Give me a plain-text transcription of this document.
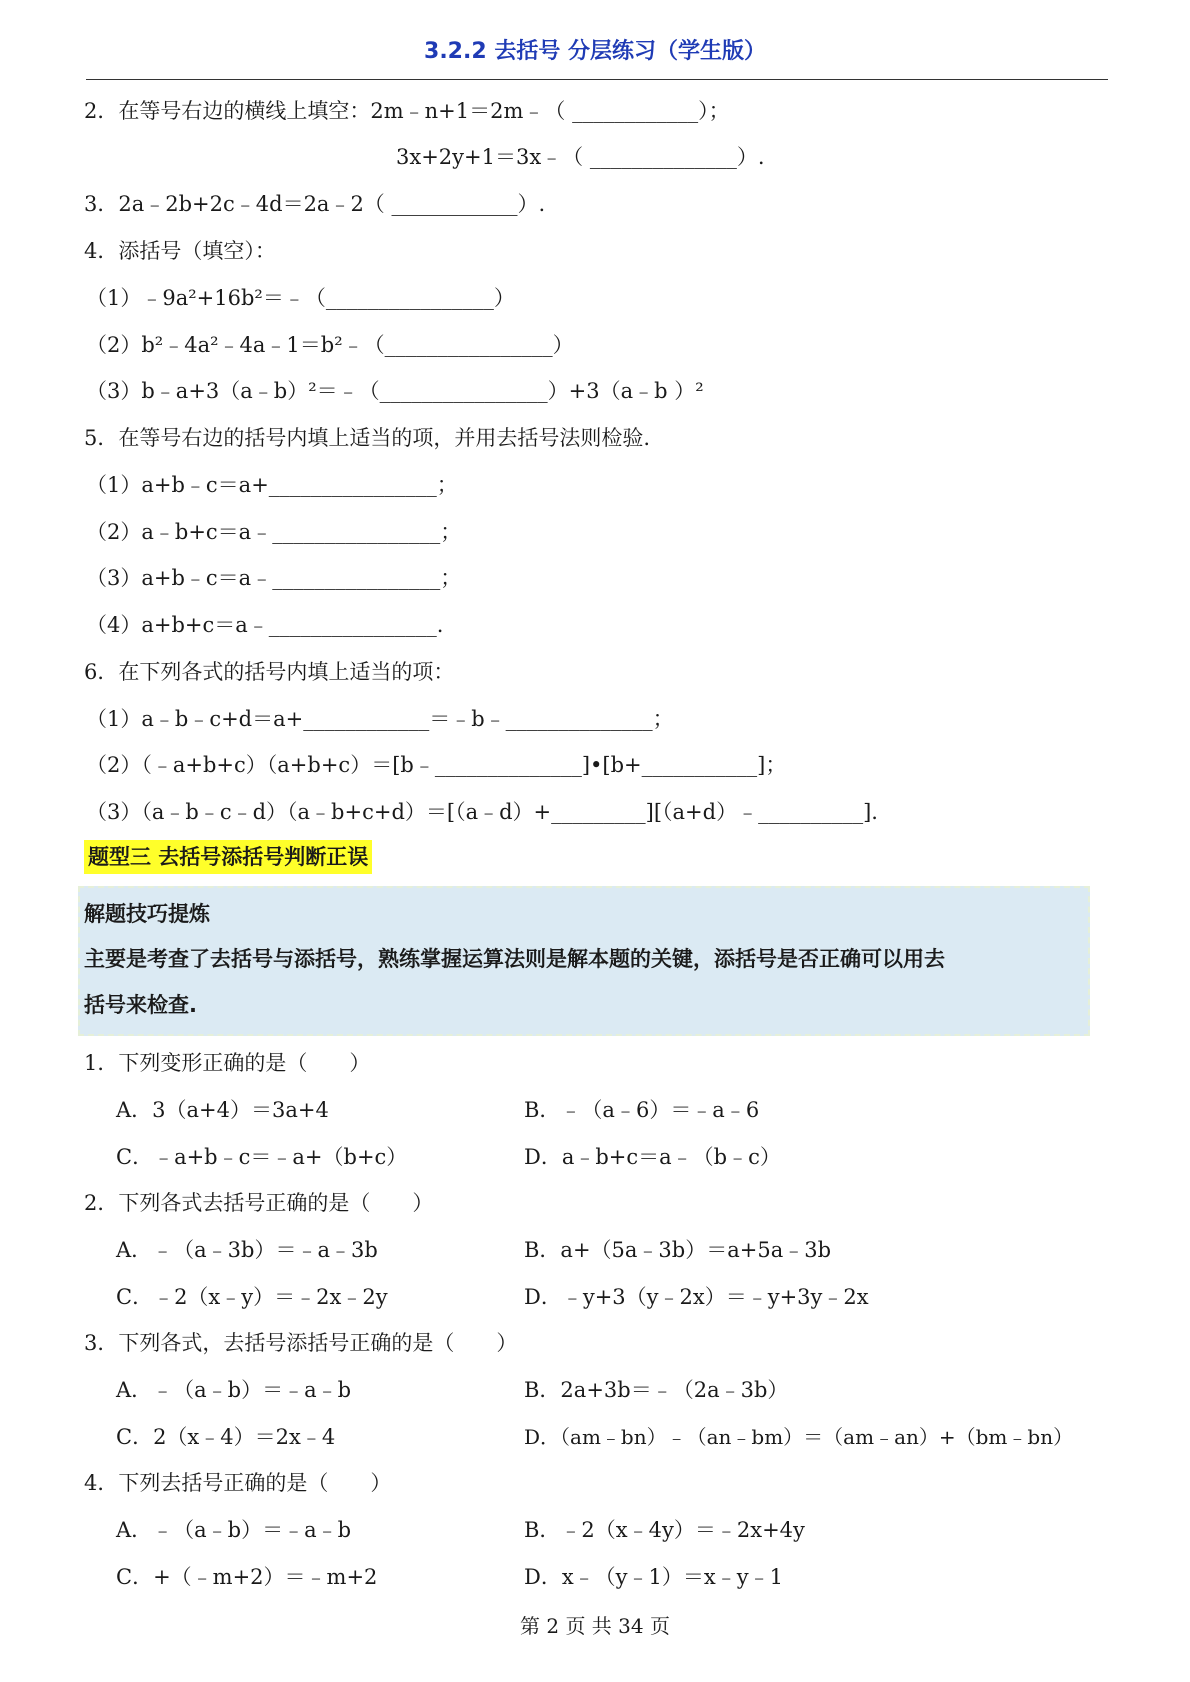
3.2.2 去括号 分层练习（学生版）
2．在等号右边的横线上填空：2m﹣n+1＝2m﹣（ ____________）；
3x+2y+1＝3x﹣（ ______________）.
3．2a﹣2b+2c﹣4d＝2a﹣2（ ____________）.
4．添括号（填空）：
（1）﹣9a²+16b²＝﹣（________________）
（2）b²﹣4a²﹣4a﹣1＝b²﹣（________________）
（3）b﹣a+3（a﹣b）²＝﹣（________________）+3（a﹣b ）²
5．在等号右边的括号内填上适当的项，并用去括号法则检验.
（1）a+b﹣c＝a+________________；
（2）a﹣b+c＝a﹣________________；
（3）a+b﹣c＝a﹣________________；
（4）a+b+c＝a﹣________________.
6．在下列各式的括号内填上适当的项：
（1）a﹣b﹣c+d＝a+____________＝﹣b﹣______________；
（2）（﹣a+b+c）（a+b+c）＝[b﹣______________]•[b+___________]；
（3）（a﹣b﹣c﹣d）（a﹣b+c+d）＝[（a﹣d）+_________][（a+d）﹣__________].
题型三 去括号添括号判断正误
解题技巧提炼
主要是考查了去括号与添括号，熟练掌握运算法则是解本题的关键，添括号是否正确可以用去
括号来检查.
1．下列变形正确的是（　　）
A．3（a+4）＝3a+4	B．﹣（a﹣6）＝﹣a﹣6
C．﹣a+b﹣c＝﹣a+（b+c）	D．a﹣b+c＝a﹣（b﹣c）
2．下列各式去括号正确的是（　　）
A．﹣（a﹣3b）＝﹣a﹣3b	B．a+（5a﹣3b）＝a+5a﹣3b
C．﹣2（x﹣y）＝﹣2x﹣2y	D．﹣y+3（y﹣2x）＝﹣y+3y﹣2x
3．下列各式，去括号添括号正确的是（　　）
A．﹣（a﹣b）＝﹣a﹣b	B．2a+3b＝﹣（2a﹣3b）
C．2（x﹣4）＝2x﹣4	D．（am﹣bn）﹣（an﹣bm）＝（am﹣an）+（bm﹣bn）
4．下列去括号正确的是（　　）
A．﹣（a﹣b）＝﹣a﹣b	B．﹣2（x﹣4y）＝﹣2x+4y
C．+（﹣m+2）＝﹣m+2	D．x﹣（y﹣1）＝x﹣y﹣1
第 2 页 共 34 页
